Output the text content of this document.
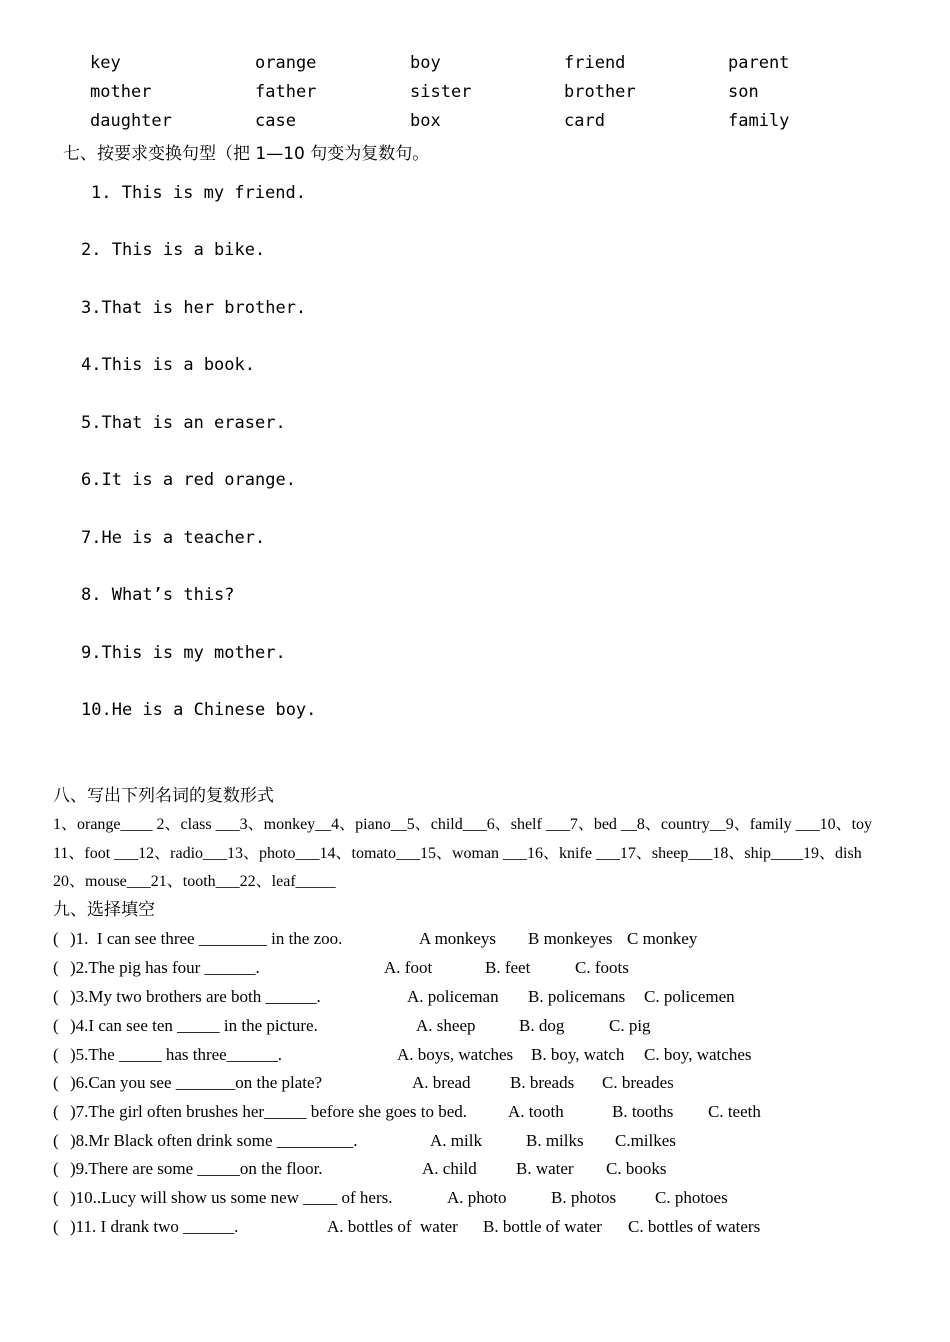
key	orange	boy	friend	parent
mother	father	sister	brother	son
daughter	case	box	card	family
七、按要求变换句型（把 1—10 句变为复数句。
1. This is my friend.
2. This is a bike.
3.That is her brother.
4.This is a book.
5.That is an eraser.
6.It is a red orange.
7.He is a teacher.
8. What’s this?
9.This is my mother.
10.He is a Chinese boy.
八、写出下列名词的复数形式
1、orange____ 2、class ___3、monkey__4、piano__5、child___6、shelf ___7、bed __8、country__9、family ___10、toy
11、foot ___12、radio___13、photo___14、tomato___15、woman ___16、knife ___17、sheep___18、ship____19、dish
20、mouse___21、tooth___22、leaf_____
九、选择填空
( )1.  I can see three ________ in the zoo.	A monkeys B monkeyes C monkey
( )2.The pig has four ______.	A. foot	B. feet	C. foots
( )3.My two brothers are both ______.	A. policeman B. policemans C. policemen
( )4.I can see ten _____ in the picture.	A. sheep	B. dog	C. pig
( )5.The _____ has three______.	A. boys, watches B. boy, watch C. boy, watches
( )6.Can you see _______on the plate?	A. bread B. breads C. breades
( )7.The girl often brushes her_____ before she goes to bed. A. tooth	B. tooths C. teeth
( )8.Mr Black often drink some _________.	A. milk	B. milks C.milkes
( )9.There are some _____on the floor.	A. child B. water C. books
( )10..Lucy will show us some new ____ of hers.	A. photo	B. photos C. photoes
( )11. I drank two ______.	A. bottles of  water B. bottle of water C. bottles of waters
